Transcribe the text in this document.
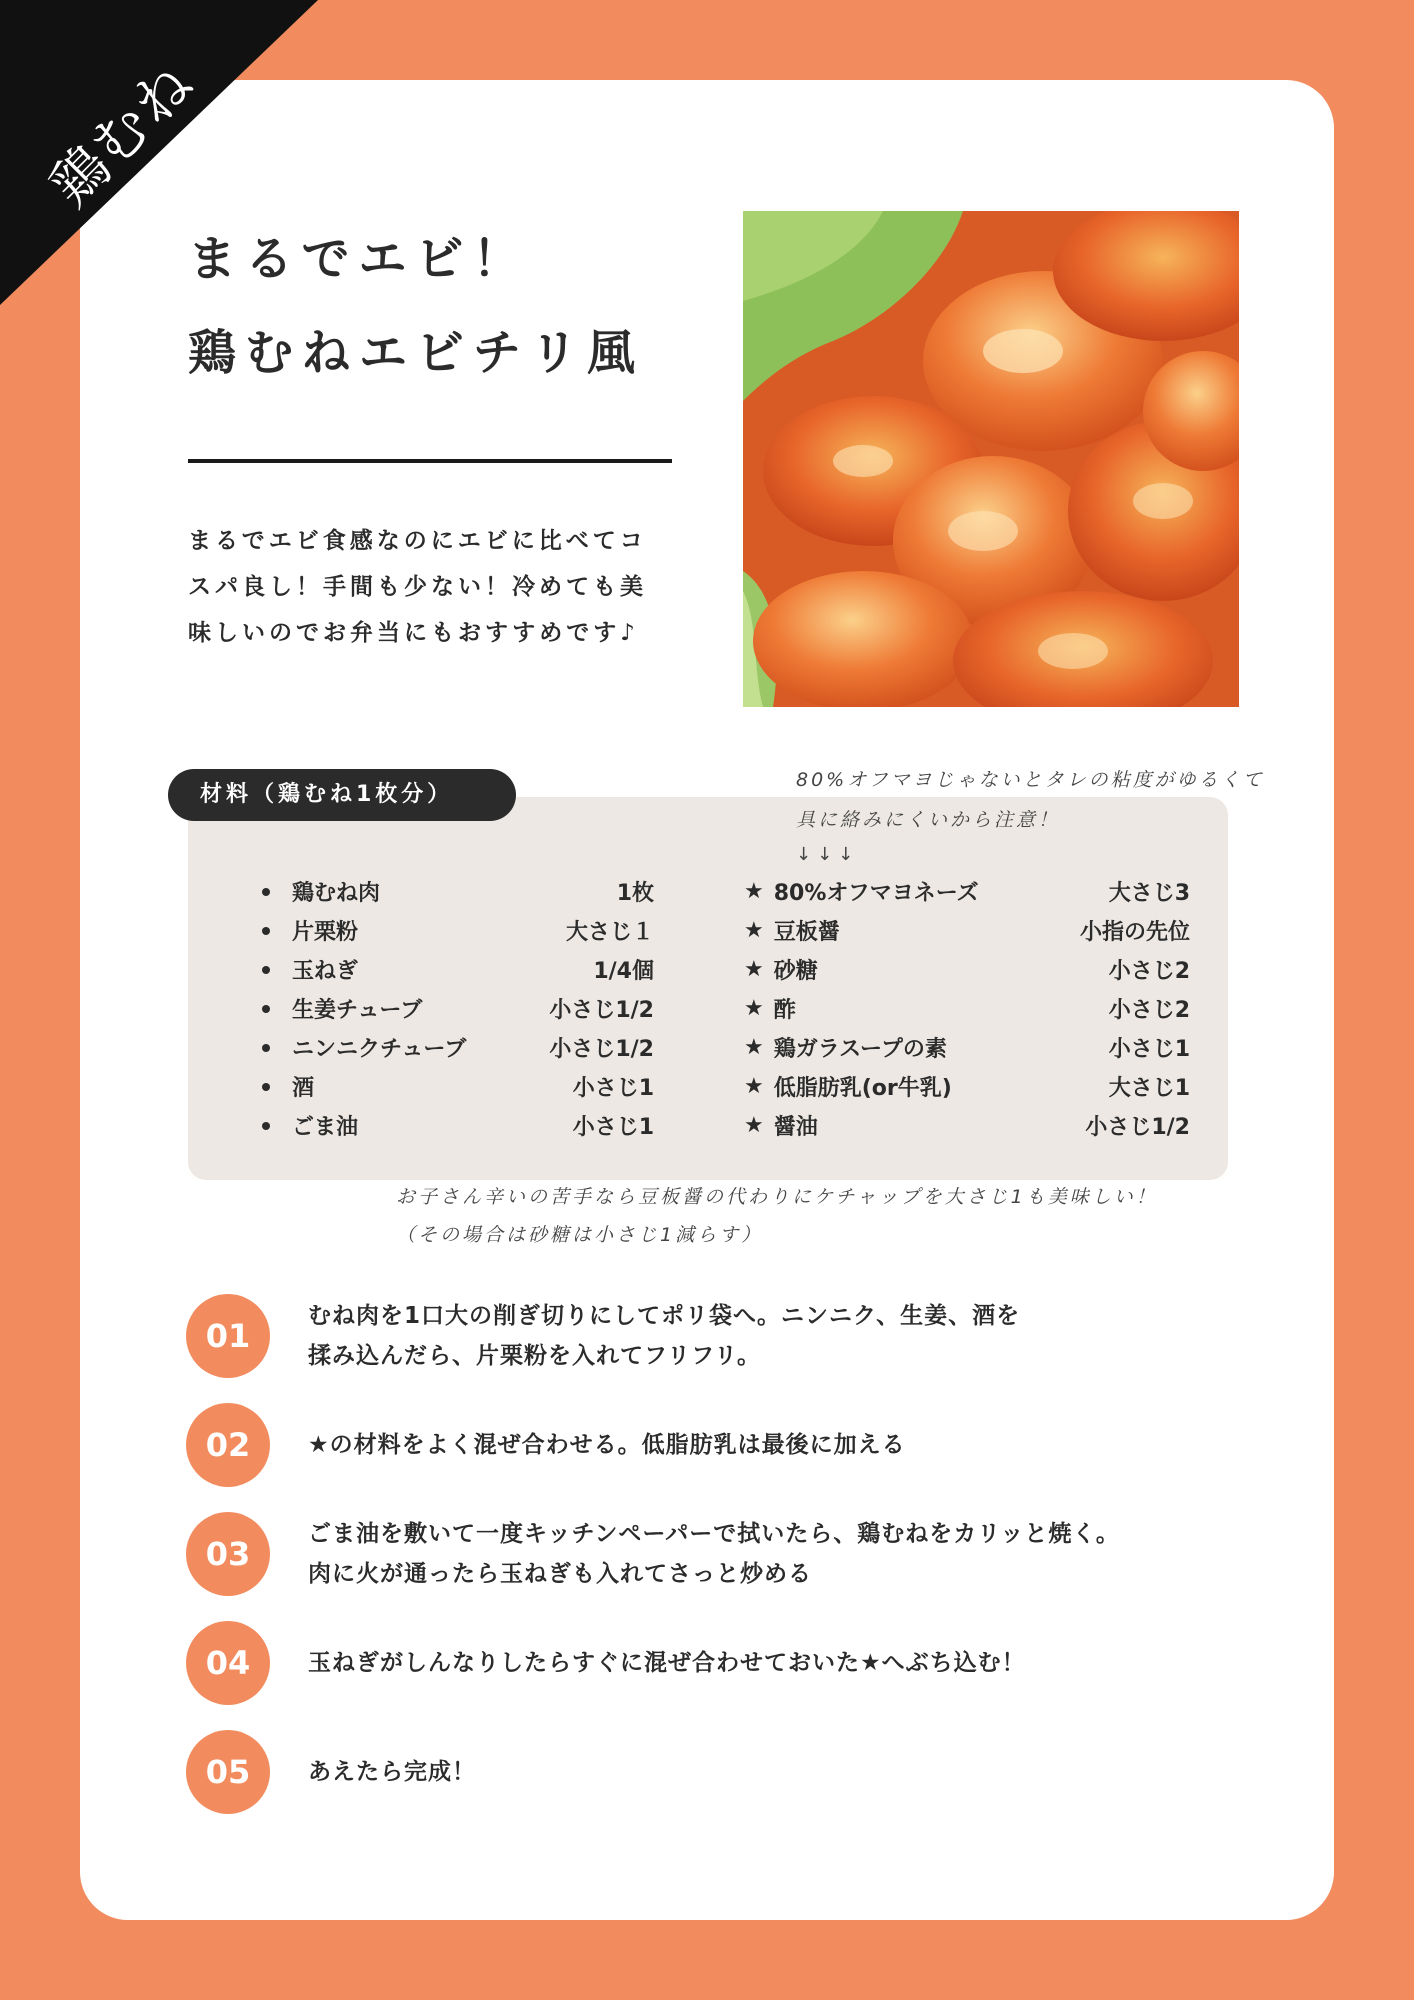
鶏むね
まるでエビ！
鶏むねエビチリ風
まるでエビ食感なのにエビに比べてコスパ良し！手間も少ない！冷めても美味しいのでお弁当にもおすすめです♪
材料（鶏むね1枚分）
80%オフマヨじゃないとタレの粘度がゆるくて
具に絡みにくいから注意！
↓↓↓
鶏むね肉	1枚
片栗粉	大さじ１
玉ねぎ	1/4個
生姜チューブ	小さじ1/2
ニンニクチューブ	小さじ1/2
酒	小さじ1
ごま油	小さじ1
★ 80%オフマヨネーズ	大さじ3
★ 豆板醤	小指の先位
★ 砂糖	小さじ2
★ 酢	小さじ2
★ 鶏ガラスープの素	小さじ1
★ 低脂肪乳(or牛乳)	大さじ1
★ 醤油	小さじ1/2
お子さん辛いの苦手なら豆板醤の代わりにケチャップを大さじ1も美味しい！
（その場合は砂糖は小さじ1減らす）
01
むね肉を1口大の削ぎ切りにしてポリ袋へ。ニンニク、生姜、酒を
揉み込んだら、片栗粉を入れてフリフリ。
02	★の材料をよく混ぜ合わせる。低脂肪乳は最後に加える
03
ごま油を敷いて一度キッチンペーパーで拭いたら、鶏むねをカリッと焼く。
肉に火が通ったら玉ねぎも入れてさっと炒める
04	玉ねぎがしんなりしたらすぐに混ぜ合わせておいた★へぶち込む！
05	あえたら完成！
